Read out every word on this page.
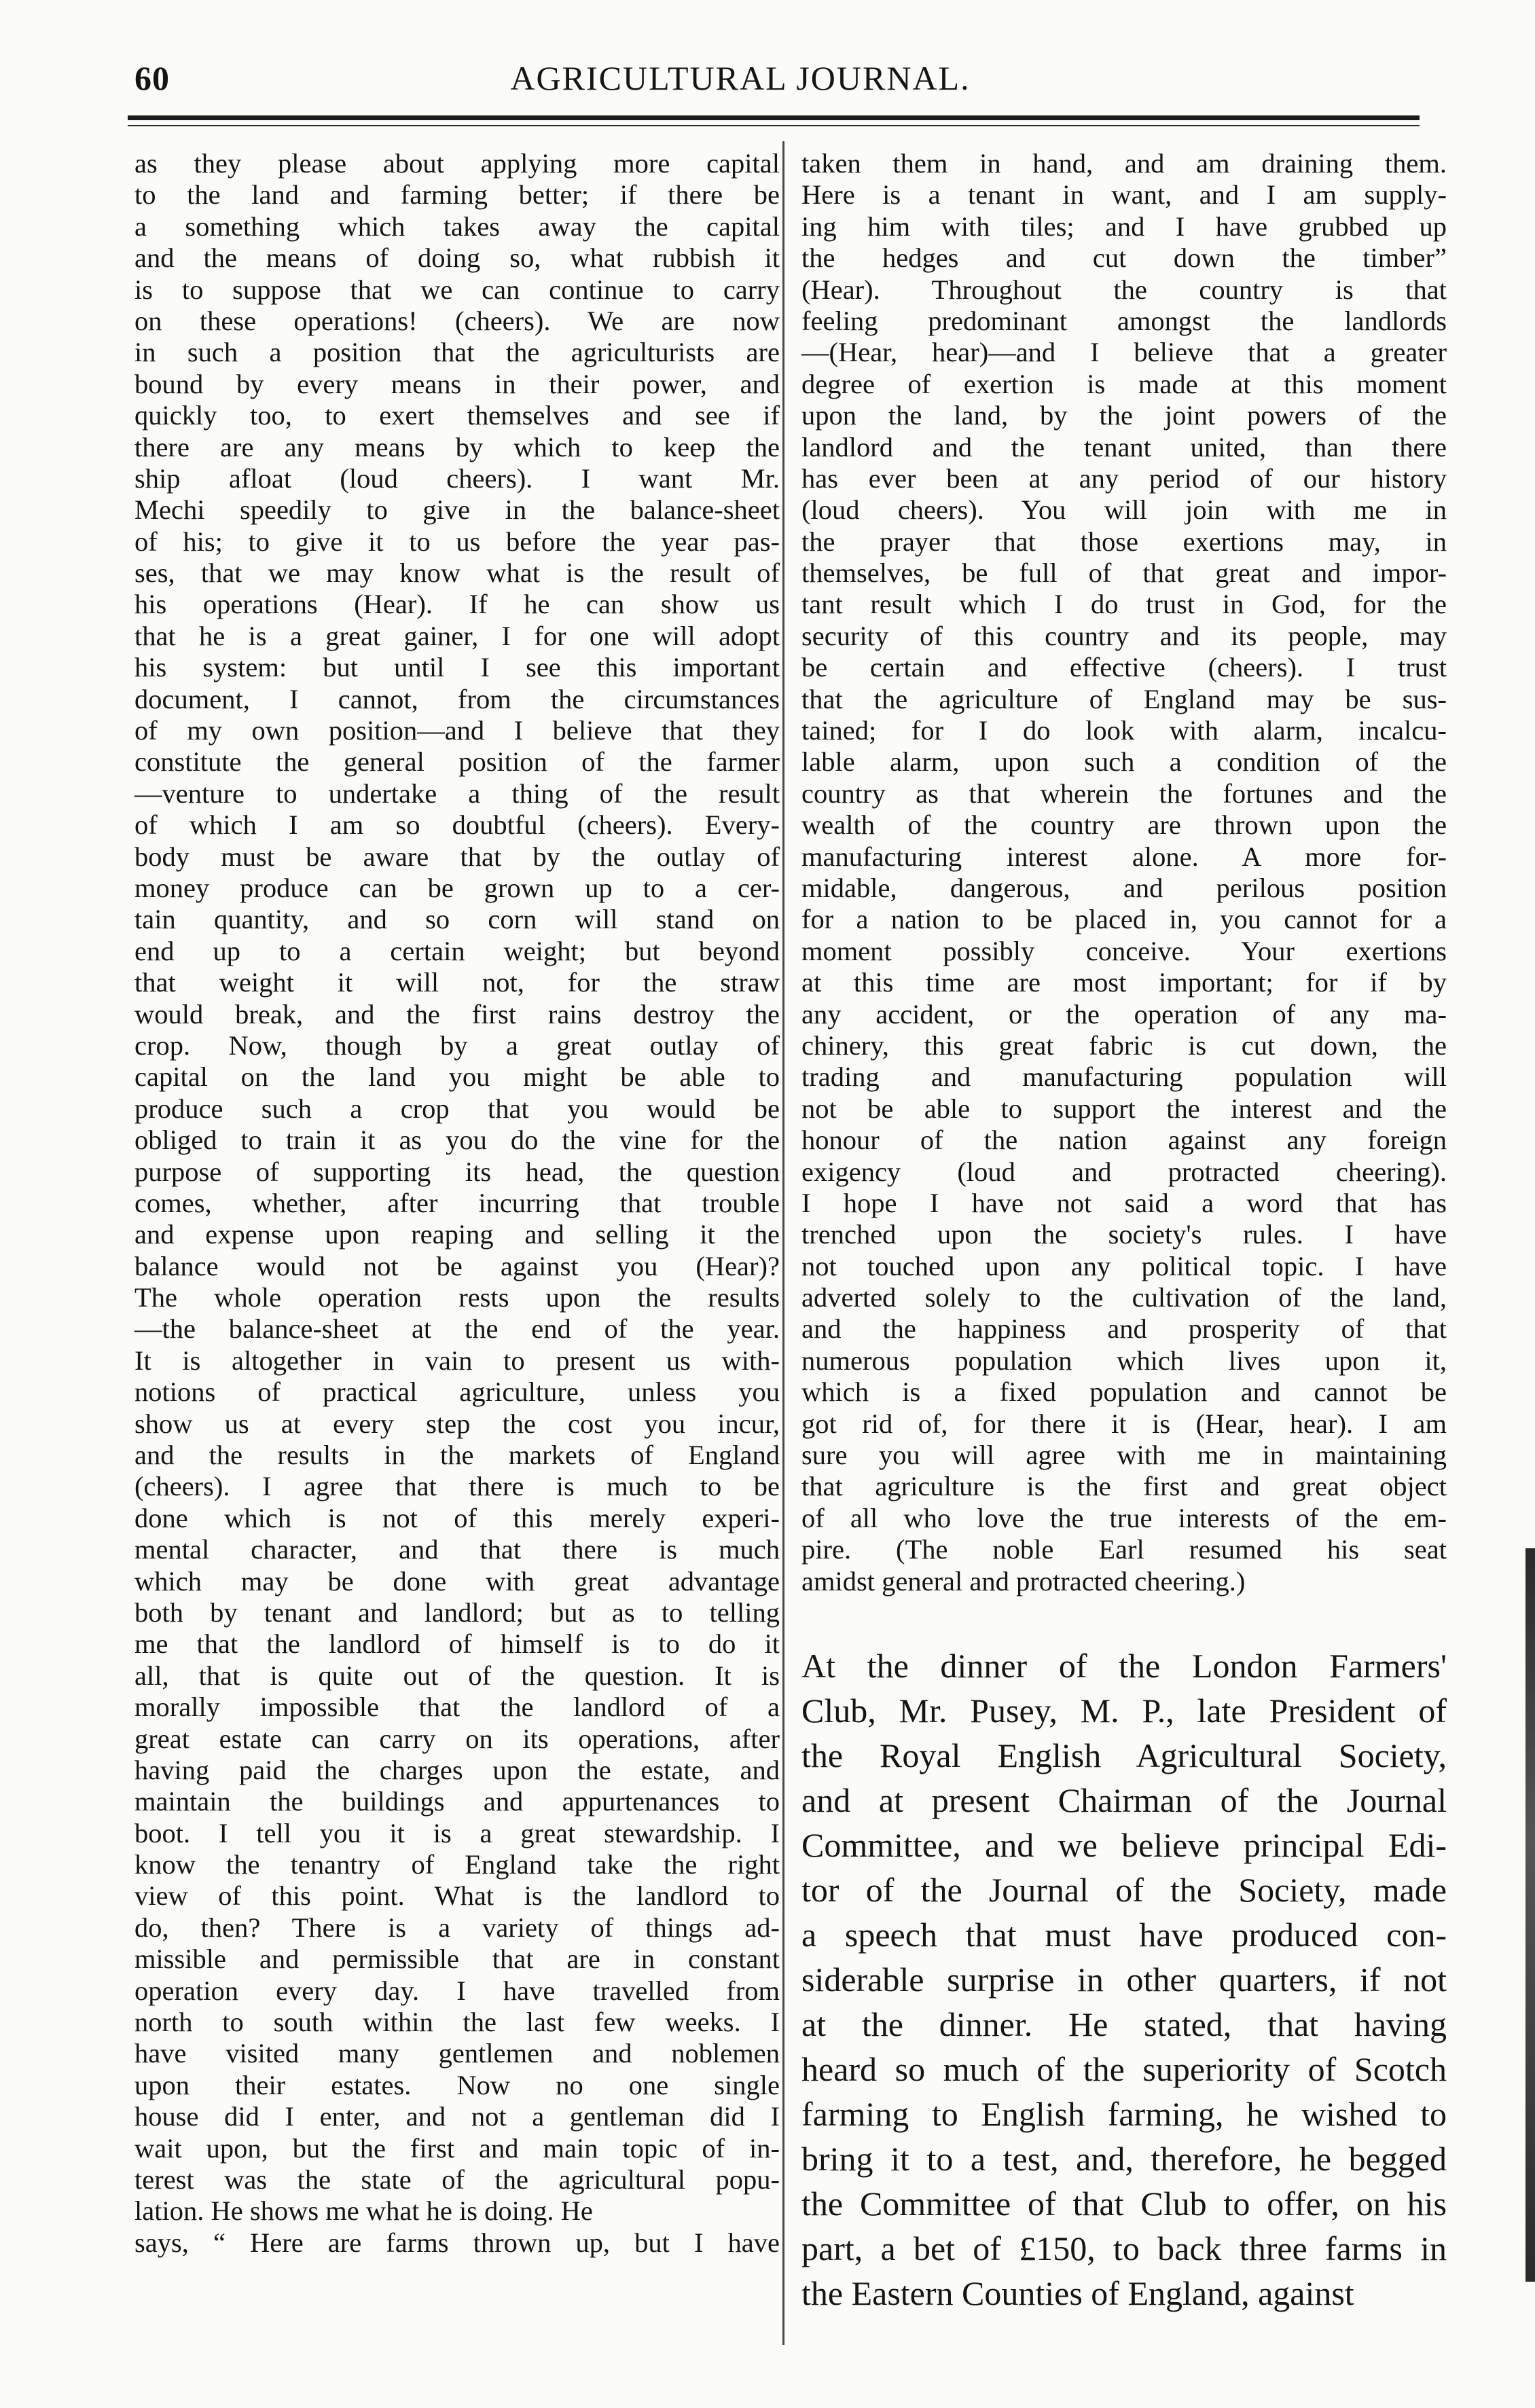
60	AGRICULTURAL JOURNAL.
as they please about applying more capital
to the land and farming better; if there be
a something which takes away the capital
and the means of doing so, what rubbish it
is to suppose that we can continue to carry
on these operations! (cheers). We are now
in such a position that the agriculturists are
bound by every means in their power, and
quickly too, to exert themselves and see if
there are any means by which to keep the
ship afloat (loud cheers). I want Mr.
Mechi speedily to give in the balance-sheet
of his; to give it to us before the year pas-
ses, that we may know what is the result of
his operations (Hear). If he can show us
that he is a great gainer, I for one will adopt
his system: but until I see this important
document, I cannot, from the circumstances
of my own position—and I believe that they
constitute the general position of the farmer
—venture to undertake a thing of the result
of which I am so doubtful (cheers). Every-
body must be aware that by the outlay of
money produce can be grown up to a cer-
tain quantity, and so corn will stand on
end up to a certain weight; but beyond
that weight it will not, for the straw
would break, and the first rains destroy the
crop. Now, though by a great outlay of
capital on the land you might be able to
produce such a crop that you would be
obliged to train it as you do the vine for the
purpose of supporting its head, the question
comes, whether, after incurring that trouble
and expense upon reaping and selling it the
balance would not be against you (Hear)?
The whole operation rests upon the results
—the balance-sheet at the end of the year.
It is altogether in vain to present us with-
notions of practical agriculture, unless you
show us at every step the cost you incur,
and the results in the markets of England
(cheers). I agree that there is much to be
done which is not of this merely experi-
mental character, and that there is much
which may be done with great advantage
both by tenant and landlord; but as to telling
me that the landlord of himself is to do it
all, that is quite out of the question. It is
morally impossible that the landlord of a
great estate can carry on its operations, after
having paid the charges upon the estate, and
maintain the buildings and appurtenances to
boot. I tell you it is a great stewardship. I
know the tenantry of England take the right
view of this point. What is the landlord to
do, then? There is a variety of things ad-
missible and permissible that are in constant
operation every day. I have travelled from
north to south within the last few weeks. I
have visited many gentlemen and noblemen
upon their estates. Now no one single
house did I enter, and not a gentleman did I
wait upon, but the first and main topic of in-
terest was the state of the agricultural popu-
lation. He shows me what he is doing. He
says, “ Here are farms thrown up, but I have
taken them in hand, and am draining them.
Here is a tenant in want, and I am supply-
ing him with tiles; and I have grubbed up
the hedges and cut down the timber”
(Hear). Throughout the country is that
feeling predominant amongst the landlords
—(Hear, hear)—and I believe that a greater
degree of exertion is made at this moment
upon the land, by the joint powers of the
landlord and the tenant united, than there
has ever been at any period of our history
(loud cheers). You will join with me in
the prayer that those exertions may, in
themselves, be full of that great and impor-
tant result which I do trust in God, for the
security of this country and its people, may
be certain and effective (cheers). I trust
that the agriculture of England may be sus-
tained; for I do look with alarm, incalcu-
lable alarm, upon such a condition of the
country as that wherein the fortunes and the
wealth of the country are thrown upon the
manufacturing interest alone. A more for-
midable, dangerous, and perilous position
for a nation to be placed in, you cannot for a
moment possibly conceive. Your exertions
at this time are most important; for if by
any accident, or the operation of any ma-
chinery, this great fabric is cut down, the
trading and manufacturing population will
not be able to support the interest and the
honour of the nation against any foreign
exigency (loud and protracted cheering).
I hope I have not said a word that has
trenched upon the society's rules. I have
not touched upon any political topic. I have
adverted solely to the cultivation of the land,
and the happiness and prosperity of that
numerous population which lives upon it,
which is a fixed population and cannot be
got rid of, for there it is (Hear, hear). I am
sure you will agree with me in maintaining
that agriculture is the first and great object
of all who love the true interests of the em-
pire. (The noble Earl resumed his seat
amidst general and protracted cheering.)
At the dinner of the London Farmers'
Club, Mr. Pusey, M. P., late President of
the Royal English Agricultural Society,
and at present Chairman of the Journal
Committee, and we believe principal Edi-
tor of the Journal of the Society, made
a speech that must have produced con-
siderable surprise in other quarters, if not
at the dinner. He stated, that having
heard so much of the superiority of Scotch
farming to English farming, he wished to
bring it to a test, and, therefore, he begged
the Committee of that Club to offer, on his
part, a bet of £150, to back three farms in
the Eastern Counties of England, against
